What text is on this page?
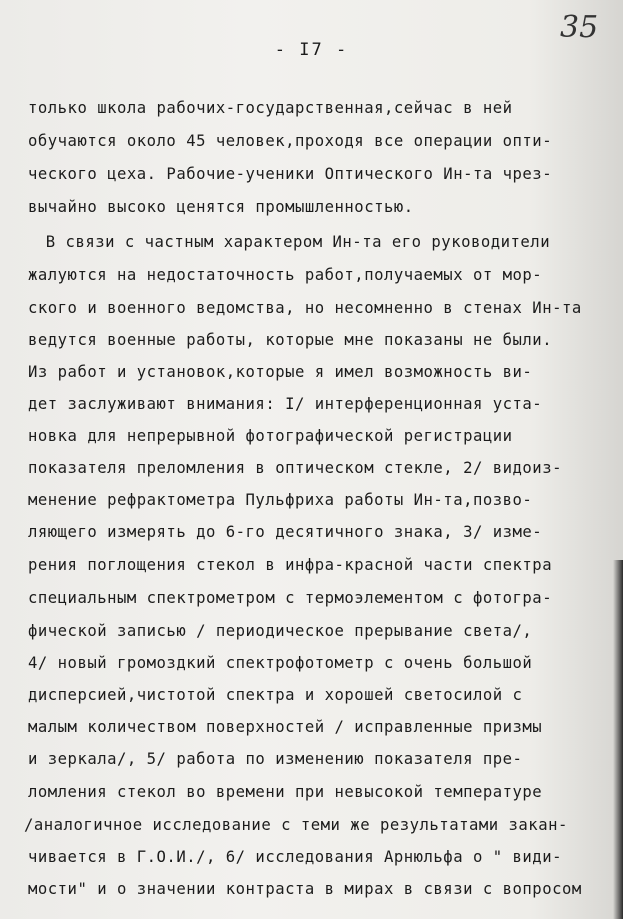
35
- I7 -
только школа рабочих-государственная,сейчас в ней
обучаются около 45 человек,проходя все операции опти-
ческого цеха. Рабочие-ученики Оптического Ин-та чрез-
вычайно высоко ценятся промышленностью.
В связи с частным характером Ин-та его руководители
жалуются на недостаточность работ,получаемых от мор-
ского и военного ведомства, но несомненно в стенах Ин-та
ведутся военные работы, которые мне показаны не были.
Из работ и установок,которые я имел возможность ви-
дет заслуживают внимания: I/ интерференционная уста-
новка для непрерывной фотографической регистрации
показателя преломления в оптическом стекле, 2/ видоиз-
менение рефрактометра Пульфриха работы Ин-та,позво-
ляющего измерять до 6-го десятичного знака, 3/ изме-
рения поглощения стекол в инфра-красной части спектра
специальным спектрометром с термоэлементом с фотогра-
фической записью / периодическое прерывание света/,
4/ новый громоздкий спектрофотометр с очень большой
дисперсией,чистотой спектра и хорошей светосилой с
малым количеством поверхностей / исправленные призмы
и зеркала/, 5/ работа по изменению показателя пре-
ломления стекол во времени при невысокой температуре
/аналогичное исследование с теми же результатами закан-
чивается в Г.О.И./, 6/ исследования Арнюльфа о " види-
мости" и о значении контраста в мирах в связи с вопросом
